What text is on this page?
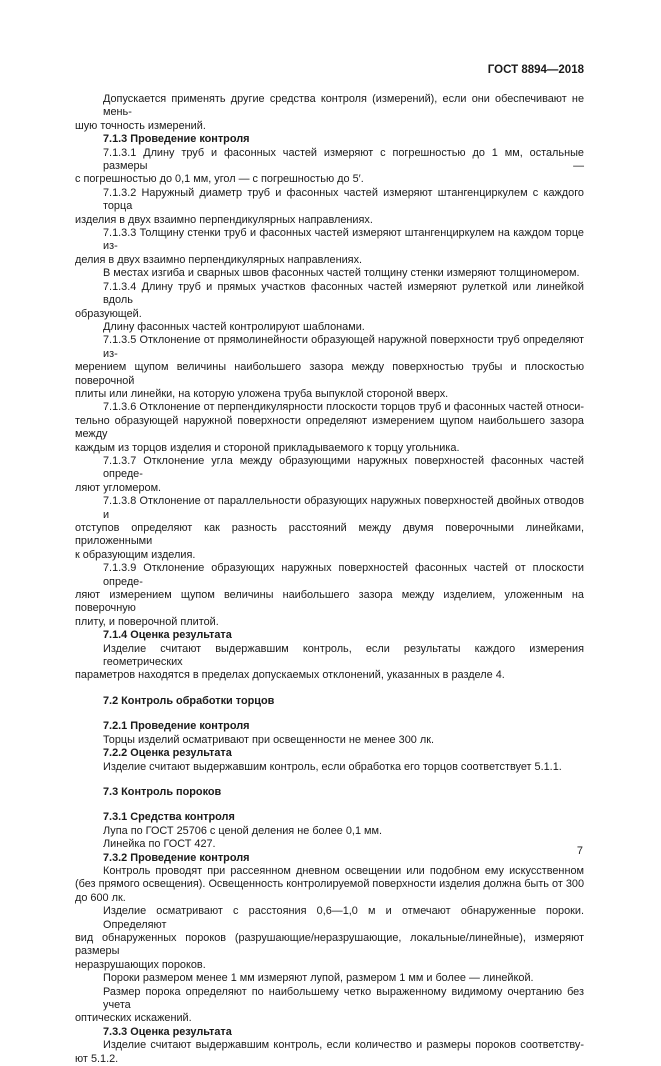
ГОСТ 8894—2018
Допускается применять другие средства контроля (измерений), если они обеспечивают не мень-
шую точность измерений.
7.1.3 Проведение контроля
7.1.3.1 Длину труб и фасонных частей измеряют с погрешностью до 1 мм, остальные размеры —
с погрешностью до 0,1 мм, угол — с погрешностью до 5′.
7.1.3.2 Наружный диаметр труб и фасонных частей измеряют штангенциркулем с каждого торца
изделия в двух взаимно перпендикулярных направлениях.
7.1.3.3 Толщину стенки труб и фасонных частей измеряют штангенциркулем на каждом торце из-
делия в двух взаимно перпендикулярных направлениях.
В местах изгиба и сварных швов фасонных частей толщину стенки измеряют толщиномером.
7.1.3.4 Длину труб и прямых участков фасонных частей измеряют рулеткой или линейкой вдоль
образующей.
Длину фасонных частей контролируют шаблонами.
7.1.3.5 Отклонение от прямолинейности образующей наружной поверхности труб определяют из-
мерением щупом величины наибольшего зазора между поверхностью трубы и плоскостью поверочной
плиты или линейки, на которую уложена труба выпуклой стороной вверх.
7.1.3.6 Отклонение от перпендикулярности плоскости торцов труб и фасонных частей относи-
тельно образующей наружной поверхности определяют измерением щупом наибольшего зазора между
каждым из торцов изделия и стороной прикладываемого к торцу угольника.
7.1.3.7 Отклонение угла между образующими наружных поверхностей фасонных частей опреде-
ляют угломером.
7.1.3.8 Отклонение от параллельности образующих наружных поверхностей двойных отводов и
отступов определяют как разность расстояний между двумя поверочными линейками, приложенными
к образующим изделия.
7.1.3.9 Отклонение образующих наружных поверхностей фасонных частей от плоскости опреде-
ляют измерением щупом величины наибольшего зазора между изделием, уложенным на поверочную
плиту, и поверочной плитой.
7.1.4 Оценка результата
Изделие считают выдержавшим контроль, если результаты каждого измерения геометрических
параметров находятся в пределах допускаемых отклонений, указанных в разделе 4.
7.2 Контроль обработки торцов
7.2.1 Проведение контроля
Торцы изделий осматривают при освещенности не менее 300 лк.
7.2.2 Оценка результата
Изделие считают выдержавшим контроль, если обработка его торцов соответствует 5.1.1.
7.3 Контроль пороков
7.3.1 Средства контроля
Лупа по ГОСТ 25706 с ценой деления не более 0,1 мм.
Линейка по ГОСТ 427.
7.3.2 Проведение контроля
Контроль проводят при рассеянном дневном освещении или подобном ему искусственном
(без прямого освещения). Освещенность контролируемой поверхности изделия должна быть от 300
до 600 лк.
Изделие осматривают с расстояния 0,6—1,0 м и отмечают обнаруженные пороки. Определяют
вид обнаруженных пороков (разрушающие/неразрушающие, локальные/линейные), измеряют размеры
неразрушающих пороков.
Пороки размером менее 1 мм измеряют лупой, размером 1 мм и более — линейкой.
Размер порока определяют по наибольшему четко выраженному видимому очертанию без учета
оптических искажений.
7.3.3 Оценка результата
Изделие считают выдержавшим контроль, если количество и размеры пороков соответству-
ют 5.1.2.
7
